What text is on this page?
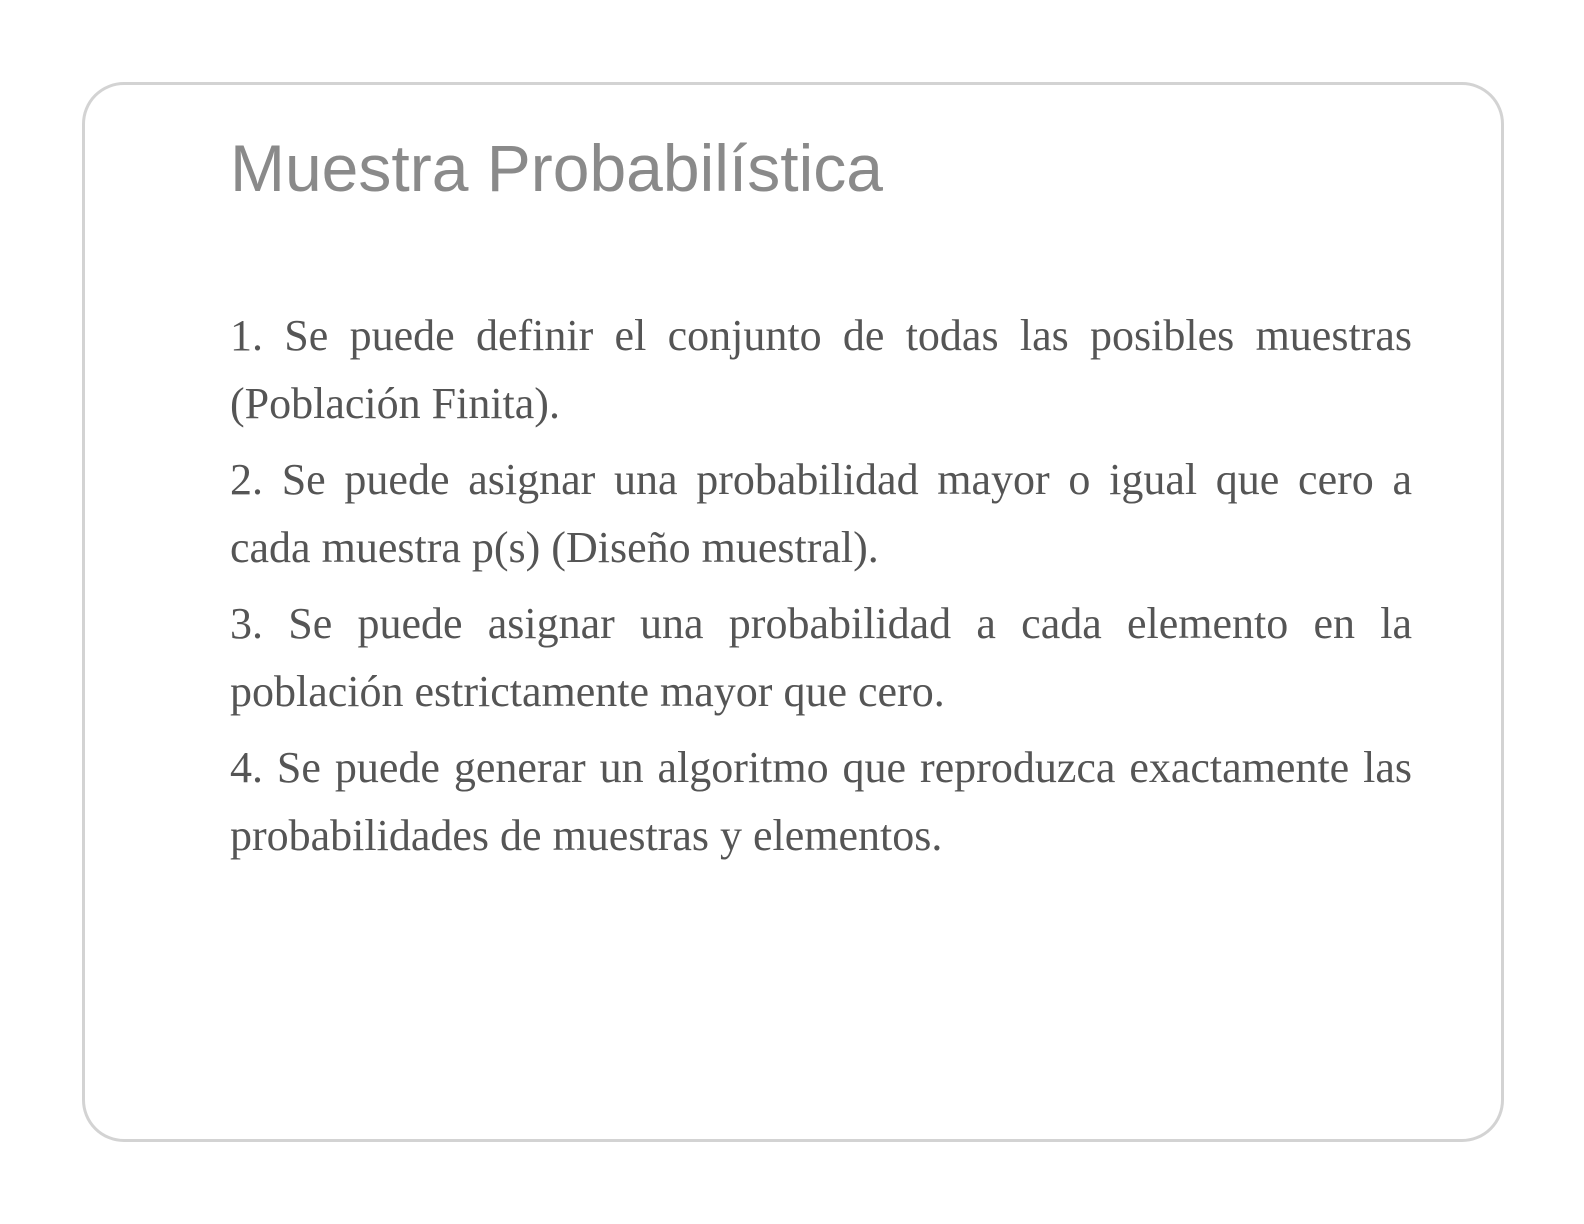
Muestra Probabilística

1. Se puede definir el conjunto de todas las posibles muestras (Población Finita).

2. Se puede asignar una probabilidad mayor o igual que cero a cada muestra p(s) (Diseño muestral).

3. Se puede asignar una probabilidad a cada elemento en la población estrictamente mayor que cero.

4. Se puede generar un algoritmo que reproduzca exactamente las probabilidades de muestras y elementos.
